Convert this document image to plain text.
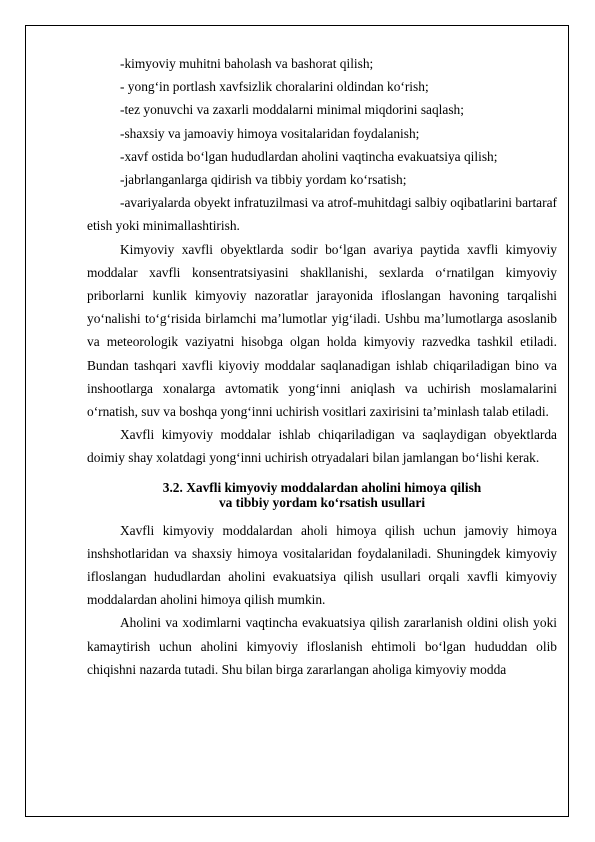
-kimyoviy muhitni baholash va bashorat qilish;

- yong‘in portlash xavfsizlik choralarini oldindan ko‘rish;

-tez yonuvchi va zaxarli moddalarni minimal miqdorini saqlash;

-shaxsiy va jamoaviy himoya vositalaridan foydalanish;

-xavf ostida bo‘lgan hududlardan aholini vaqtincha evakuatsiya qilish;

-jabrlanganlarga qidirish va tibbiy yordam ko‘rsatish;

-avariyalarda obyekt infratuzilmasi va atrof-muhitdagi salbiy oqibatlarini bartaraf etish yoki minimallashtirish.

Kimyoviy xavfli obyektlarda sodir bo‘lgan avariya paytida xavfli kimyoviy moddalar xavfli konsentratsiyasini shakllanishi, sexlarda o‘rnatilgan kimyoviy priborlarni kunlik kimyoviy nazoratlar jarayonida ifloslangan havoning tarqalishi yo‘nalishi to‘g‘risida birlamchi ma’lumotlar yig‘iladi. Ushbu ma’lumotlarga asoslanib va meteorologik vaziyatni hisobga olgan holda kimyoviy razvedka tashkil etiladi. Bundan tashqari xavfli kiyoviy moddalar saqlanadigan ishlab chiqariladigan bino va inshootlarga xonalarga avtomatik yong‘inni aniqlash va uchirish moslamalarini o‘rnatish, suv va boshqa yong‘inni uchirish vositlari zaxirisini ta’minlash talab etiladi.

Xavfli kimyoviy moddalar ishlab chiqariladigan va saqlaydigan obyektlarda doimiy shay xolatdagi yong‘inni uchirish otryadalari bilan jamlangan bo‘lishi kerak.

3.2. Xavfli kimyoviy moddalardan aholini himoya qilish
va tibbiy yordam ko‘rsatish usullari

Xavfli kimyoviy moddalardan aholi himoya qilish uchun jamoviy himoya inshshotlaridan va shaxsiy himoya vositalaridan foydalaniladi. Shuningdek kimyoviy ifloslangan hududlardan aholini evakuatsiya qilish usullari orqali xavfli kimyoviy moddalardan aholini himoya qilish mumkin.

Aholini va xodimlarni vaqtincha evakuatsiya qilish zararlanish oldini olish yoki kamaytirish uchun aholini kimyoviy ifloslanish ehtimoli bo‘lgan hududdan olib chiqishni nazarda tutadi. Shu bilan birga zararlangan aholiga kimyoviy modda
